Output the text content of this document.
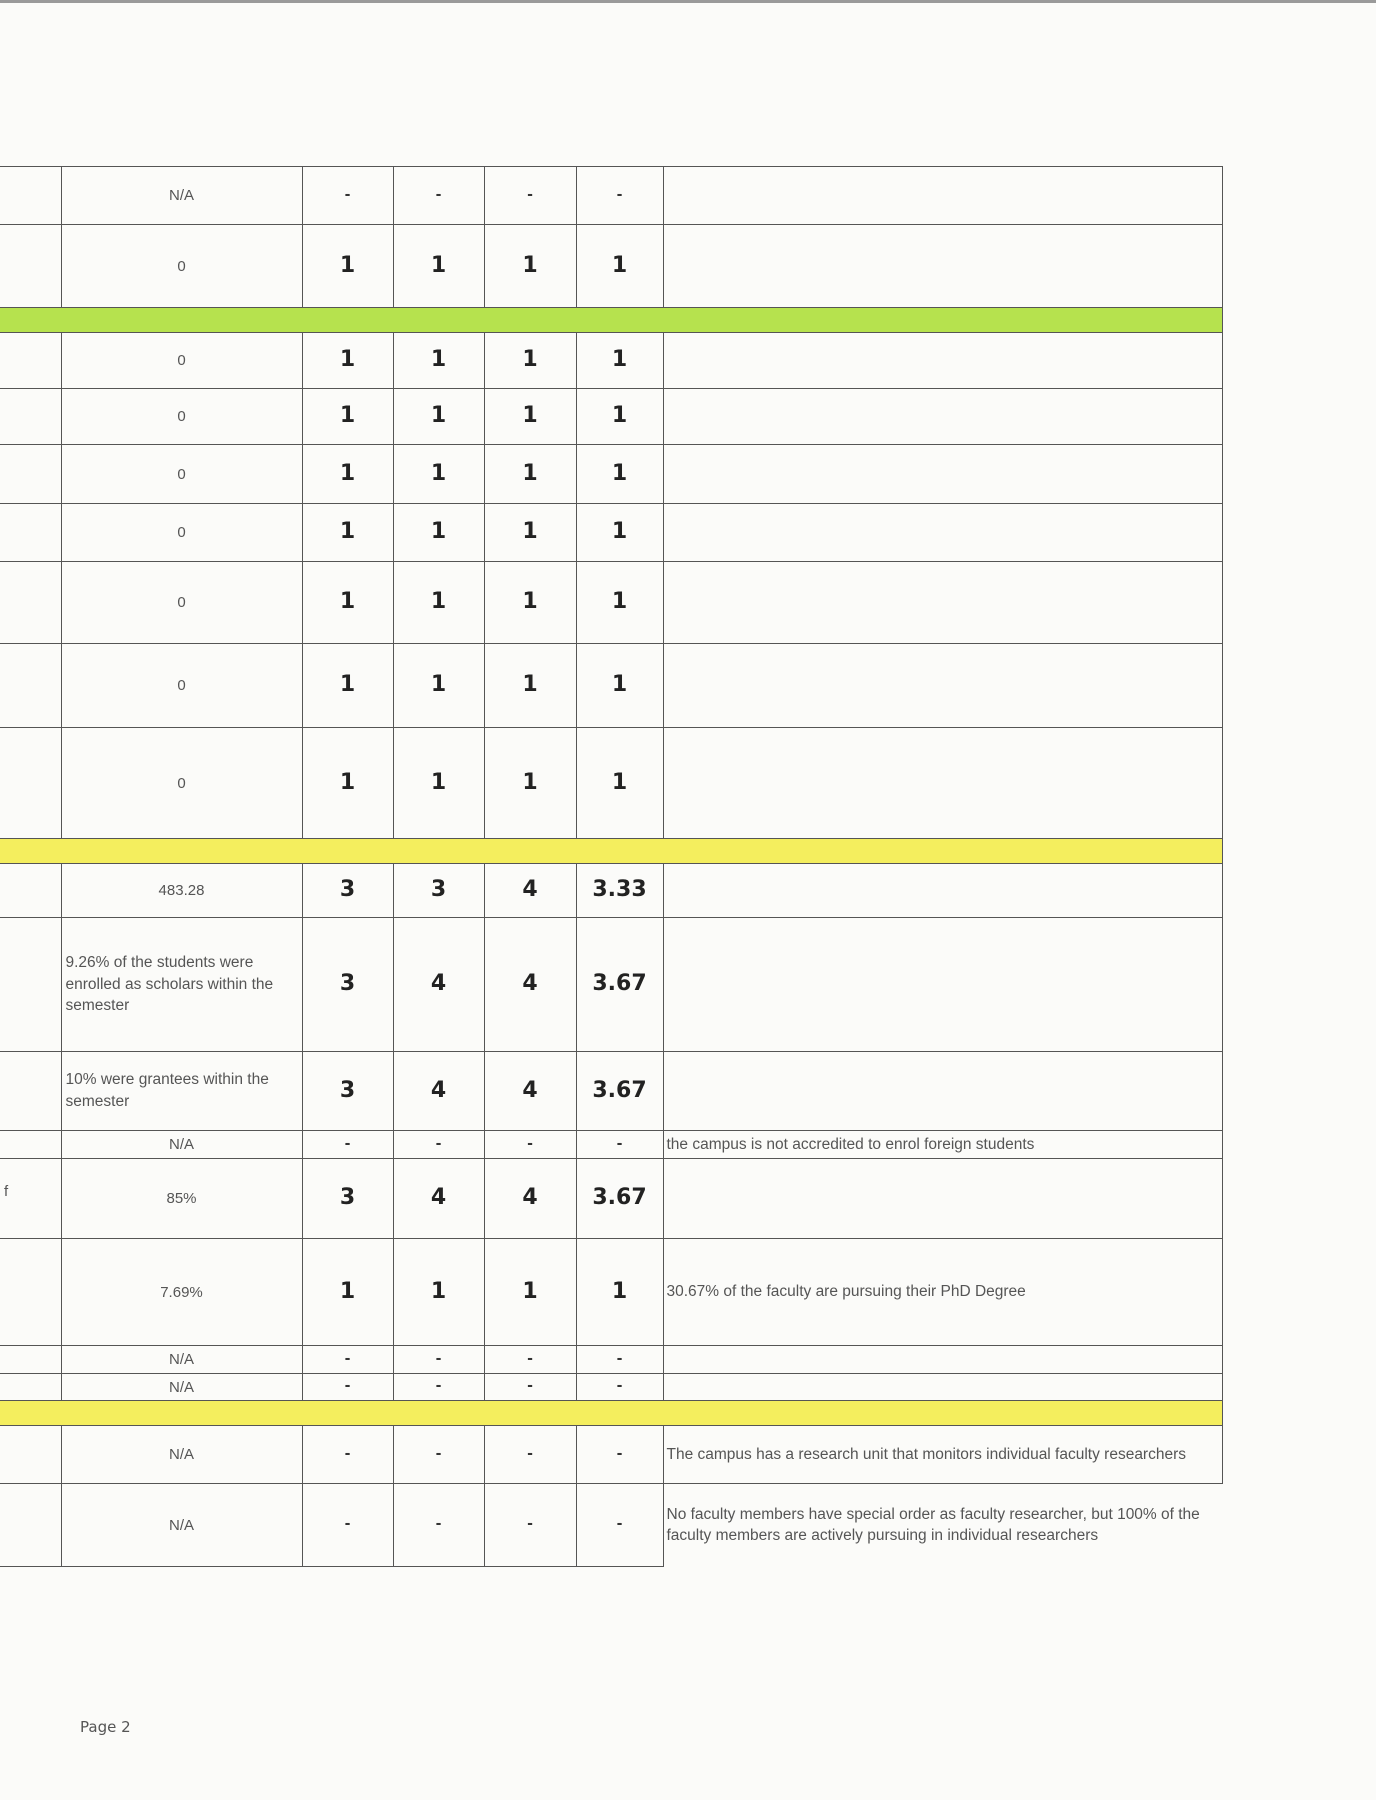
	N/A	-	-	-	-	
	0	1	1	1	1	

	0	1	1	1	1	
	0	1	1	1	1	
	0	1	1	1	1	
	0	1	1	1	1	
	0	1	1	1	1	
	0	1	1	1	1	
	0	1	1	1	1	

	483.28	3	3	4	3.33	
	9.26% of the students were enrolled as scholars within the semester	3	4	4	3.67	
	10% were grantees within the semester	3	4	4	3.67	
	N/A	-	-	-	-	the campus is not accredited to enrol foreign students
f	85%	3	4	4	3.67	
	7.69%	1	1	1	1	30.67% of the faculty are pursuing their PhD Degree
	N/A	-	-	-	-	
	N/A	-	-	-	-	

	N/A	-	-	-	-	The campus has a research unit that monitors individual faculty researchers
	N/A	-	-	-	-	No faculty members have special order as faculty researcher, but 100% of the faculty members are actively pursuing in individual researchers
Page 2
